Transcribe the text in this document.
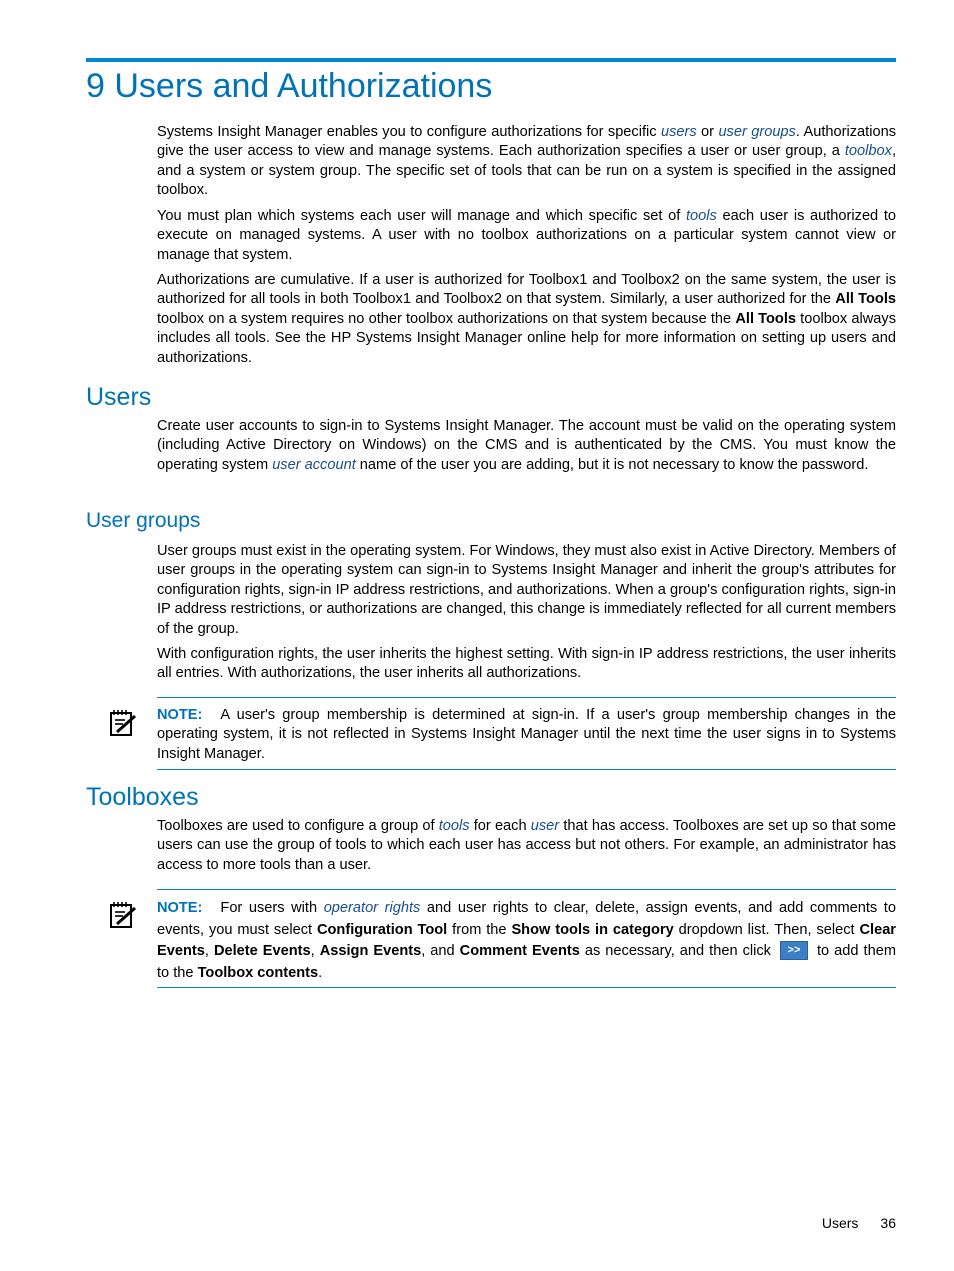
9 Users and Authorizations

Systems Insight Manager enables you to configure authorizations for specific users or user groups. Authorizations give the user access to view and manage systems. Each authorization specifies a user or user group, a toolbox, and a system or system group. The specific set of tools that can be run on a system is specified in the assigned toolbox.

You must plan which systems each user will manage and which specific set of tools each user is authorized to execute on managed systems. A user with no toolbox authorizations on a particular system cannot view or manage that system.

Authorizations are cumulative. If a user is authorized for Toolbox1 and Toolbox2 on the same system, the user is authorized for all tools in both Toolbox1 and Toolbox2 on that system. Similarly, a user authorized for the All Tools toolbox on a system requires no other toolbox authorizations on that system because the All Tools toolbox always includes all tools. See the HP Systems Insight Manager online help for more information on setting up users and authorizations.

Users

Create user accounts to sign-in to Systems Insight Manager. The account must be valid on the operating system (including Active Directory on Windows) on the CMS and is authenticated by the CMS. You must know the operating system user account name of the user you are adding, but it is not necessary to know the password.

User groups

User groups must exist in the operating system. For Windows, they must also exist in Active Directory. Members of user groups in the operating system can sign-in to Systems Insight Manager and inherit the group's attributes for configuration rights, sign-in IP address restrictions, and authorizations. When a group's configuration rights, sign-in IP address restrictions, or authorizations are changed, this change is immediately reflected for all current members of the group.

With configuration rights, the user inherits the highest setting. With sign-in IP address restrictions, the user inherits all entries. With authorizations, the user inherits all authorizations.

NOTE: A user's group membership is determined at sign-in. If a user's group membership changes in the operating system, it is not reflected in Systems Insight Manager until the next time the user signs in to Systems Insight Manager.

Toolboxes

Toolboxes are used to configure a group of tools for each user that has access. Toolboxes are set up so that some users can use the group of tools to which each user has access but not others. For example, an administrator has access to more tools than a user.

NOTE: For users with operator rights and user rights to clear, delete, assign events, and add comments to events, you must select Configuration Tool from the Show tools in category dropdown list. Then, select Clear Events, Delete Events, Assign Events, and Comment Events as necessary, and then click >> to add them to the Toolbox contents.

Users 36
